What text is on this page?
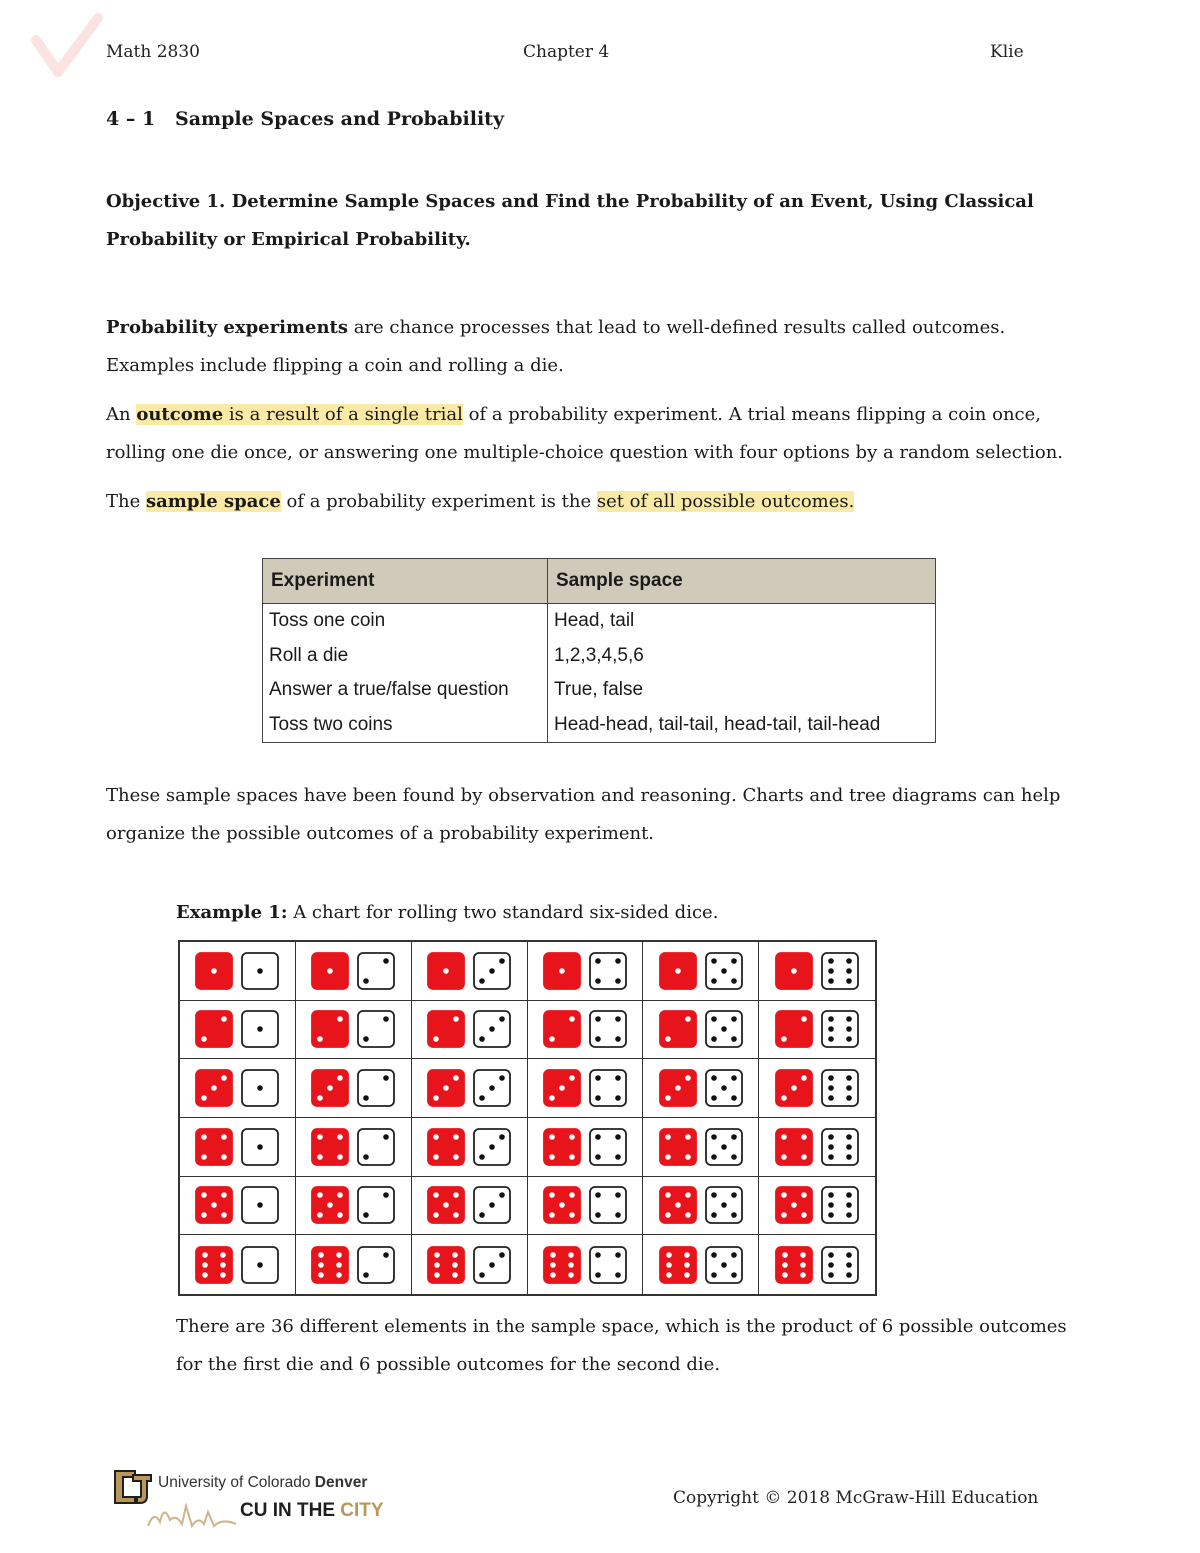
Math 2830	Chapter 4	Klie
4 – 1   Sample Spaces and Probability
Objective 1. Determine Sample Spaces and Find the Probability of an Event, Using Classical
Probability or Empirical Probability.
Probability experiments are chance processes that lead to well-defined results called outcomes.
Examples include flipping a coin and rolling a die.
An outcome is a result of a single trial of a probability experiment. A trial means flipping a coin once,
rolling one die once, or answering one multiple-choice question with four options by a random selection.
The sample space of a probability experiment is the set of all possible outcomes.
Experiment	Sample space
Toss one coin	Head, tail
Roll a die	1,2,3,4,5,6
Answer a true/false question	True, false
Toss two coins	Head-head, tail-tail, head-tail, tail-head
These sample spaces have been found by observation and reasoning. Charts and tree diagrams can help
organize the possible outcomes of a probability experiment.
Example 1: A chart for rolling two standard six-sided dice.
There are 36 different elements in the sample space, which is the product of 6 possible outcomes
for the first die and 6 possible outcomes for the second die.
University of Colorado Denver
CU IN THE CITY
Copyright © 2018 McGraw-Hill Education
